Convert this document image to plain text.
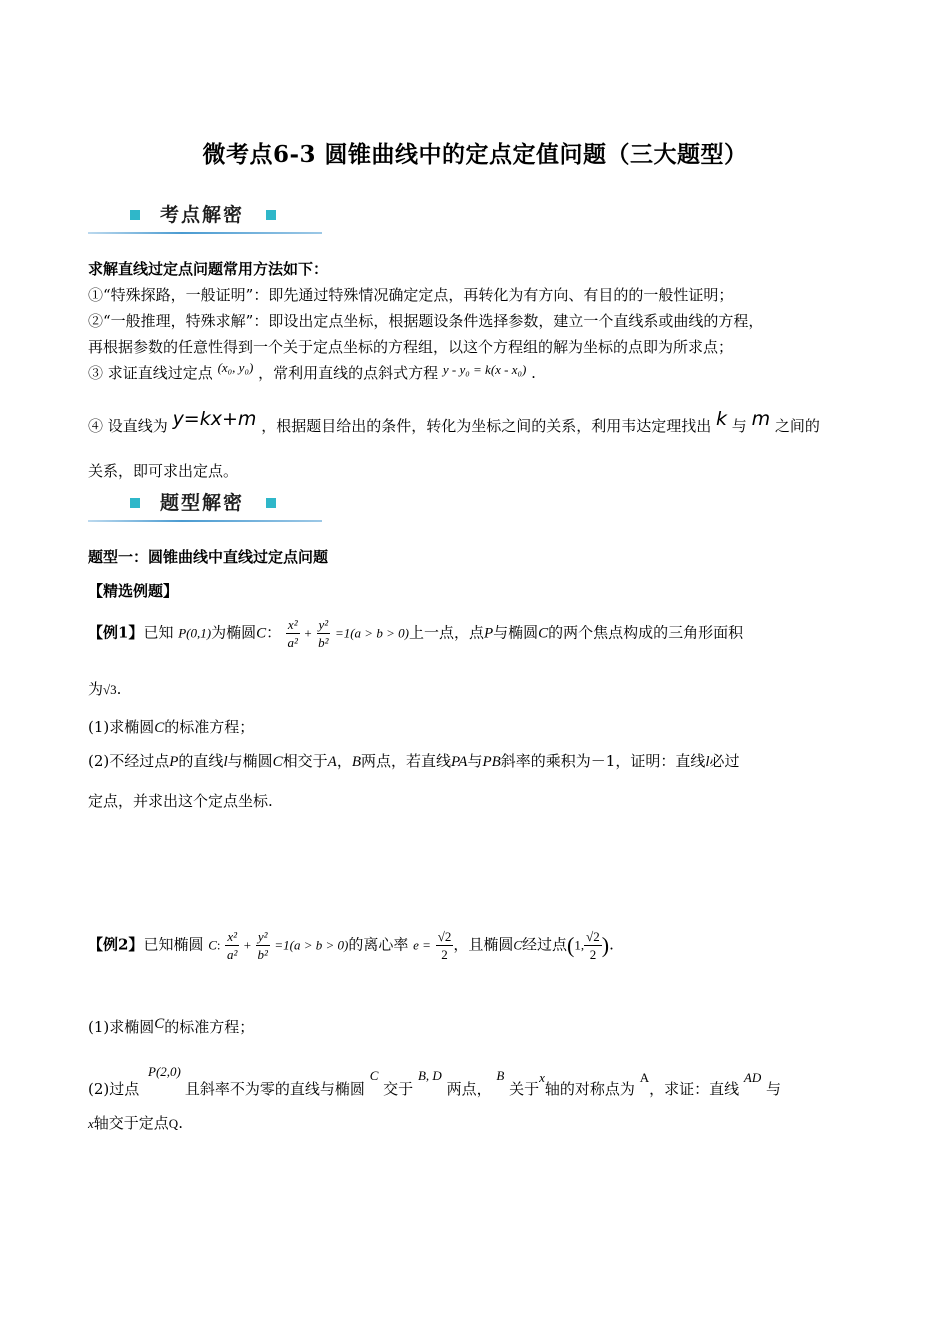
微考点6-3 圆锥曲线中的定点定值问题（三大题型）
考点解密
求解直线过定点问题常用方法如下：
①“特殊探路，一般证明”：即先通过特殊情况确定定点，再转化为有方向、有目的的一般性证明；
②“一般推理，特殊求解”：即设出定点坐标，根据题设条件选择参数，建立一个直线系或曲线的方程，
再根据参数的任意性得到一个关于定点坐标的方程组，以这个方程组的解为坐标的点即为所求点；
③ 求证直线过定点 (x₀, y₀) ，常利用直线的点斜式方程 y - y₀ = k(x - x₀) .
④ 设直线为 y=kx+m ，根据题目给出的条件，转化为坐标之间的关系，利用韦达定理找出 k 与 m 之间的
关系，即可求出定点。
题型解密
题型一：圆锥曲线中直线过定点问题
【精选例题】
【例1】已知 P(0,1)为椭圆C： $\frac{\text{x²}}{\text{a²}} + \frac{\text{y²}}{\text{b²}} =1(a > b > 0)$上一点，点P与椭圆C的两个焦点构成的三角形面积
为√3.
(1)求椭圆C的标准方程；
(2)不经过点P的直线l与椭圆C相交于A，B两点，若直线PA与PB斜率的乘积为－1，证明：直线l必过
定点，并求出这个定点坐标.
【例2】已知椭圆 C: $\frac{\text{x²}}{\text{a²}} + \frac{\text{y²}}{\text{b²}} =1(a > b > 0)$的离心率 $e = \frac{√2}{2}$ ，且椭圆C经过点(1, $\frac{√2}{2}$ ).
(1)求椭圆C的标准方程；
(2)过点 P(2,0)且斜率不为零的直线与椭圆 C 交于 B, D 两点， B 关于x轴的对称点为 A，求证：直线 AD 与
x轴交于定点Q.
